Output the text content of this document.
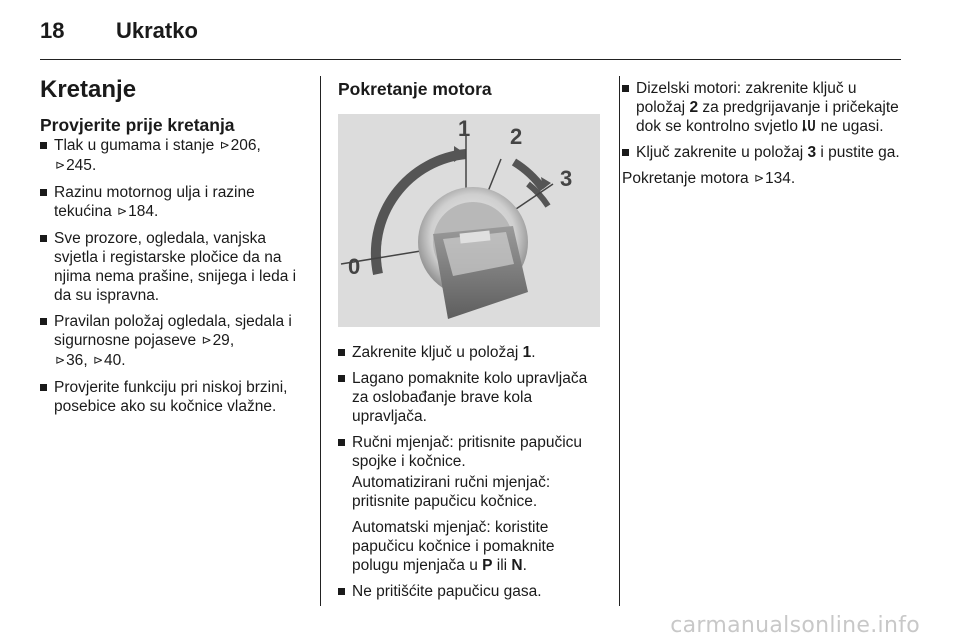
18	Ukratko
Kretanje
Provjerite prije kretanja
Tlak u gumama i stanje ⊳206,
⊳245.
Razinu motornog ulja i razine tekućina ⊳184.
Sve prozore, ogledala, vanjska svjetla i registarske pločice da na njima nema prašine, snijega i leda i da su ispravna.
Pravilan položaj ogledala, sjedala i sigurnosne pojaseve ⊳29,
⊳36, ⊳40.
Provjerite funkciju pri niskoj brzini, posebice ako su kočnice vlažne.
Pokretanje motora
0
1 2
3
Zakrenite ključ u položaj 1.
Lagano pomaknite kolo upravljača za oslobađanje brave kola upravljača.
Ručni mjenjač: pritisnite papučicu spojke i kočnice.

Automatizirani ručni mjenjač: pritisnite papučicu kočnice.

Automatski mjenjač: koristite papučicu kočnice i pomaknite polugu mjenjača u P ili N.

Ne pritišćite papučicu gasa.
Dizelski motori: zakrenite ključ u položaj 2 za predgrijavanje i pričekajte dok se kontrolno svjetlo  ne ugasi.
Ključ zakrenite u položaj 3 i pustite ga.

Pokretanje motora ⊳134.

carmanualsonline.info
